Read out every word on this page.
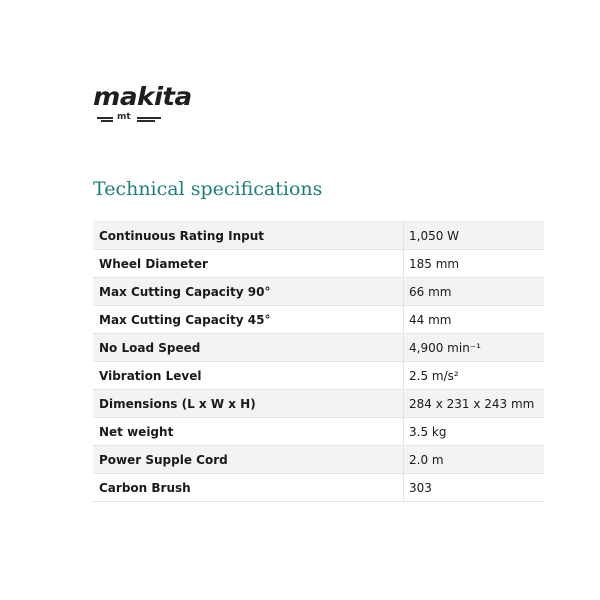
makita
mt
Technical specifications
Continuous Rating Input	1,050 W
Wheel Diameter	185 mm
Max Cutting Capacity 90°	66 mm
Max Cutting Capacity 45°	44 mm
No Load Speed	4,900 min⁻¹
Vibration Level	2.5 m/s²
Dimensions (L x W x H)	284 x 231 x 243 mm
Net weight	3.5 kg
Power Supple Cord	2.0 m
Carbon Brush	303
